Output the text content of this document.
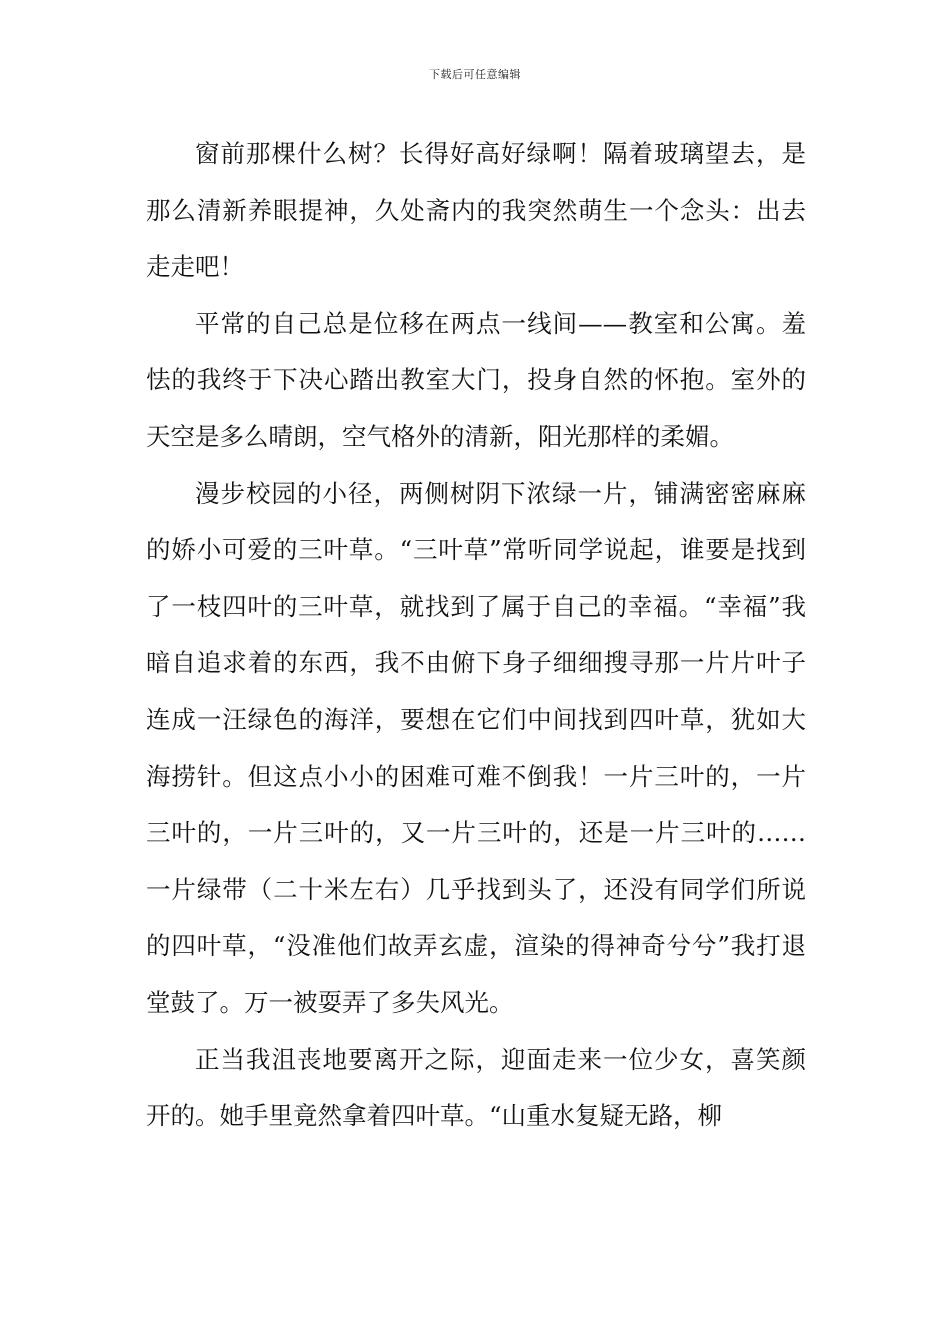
下载后可任意编辑

窗前那棵什么树？长得好高好绿啊！隔着玻璃望去，是那么清新养眼提神，久处斋内的我突然萌生一个念头：出去走走吧！

平常的自己总是位移在两点一线间——教室和公寓。羞怯的我终于下决心踏出教室大门，投身自然的怀抱。室外的天空是多么晴朗，空气格外的清新，阳光那样的柔媚。

漫步校园的小径，两侧树阴下浓绿一片，铺满密密麻麻的娇小可爱的三叶草。“三叶草”常听同学说起，谁要是找到了一枝四叶的三叶草，就找到了属于自己的幸福。“幸福”我暗自追求着的东西，我不由俯下身子细细搜寻那一片片叶子连成一汪绿色的海洋，要想在它们中间找到四叶草，犹如大海捞针。但这点小小的困难可难不倒我！一片三叶的，一片三叶的，一片三叶的，又一片三叶的，还是一片三叶的……一片绿带（二十米左右）几乎找到头了，还没有同学们所说的四叶草，“没准他们故弄玄虚，渲染的得神奇兮兮”我打退堂鼓了。万一被耍弄了多失风光。

正当我沮丧地要离开之际，迎面走来一位少女，喜笑颜开的。她手里竟然拿着四叶草。“山重水复疑无路，柳
